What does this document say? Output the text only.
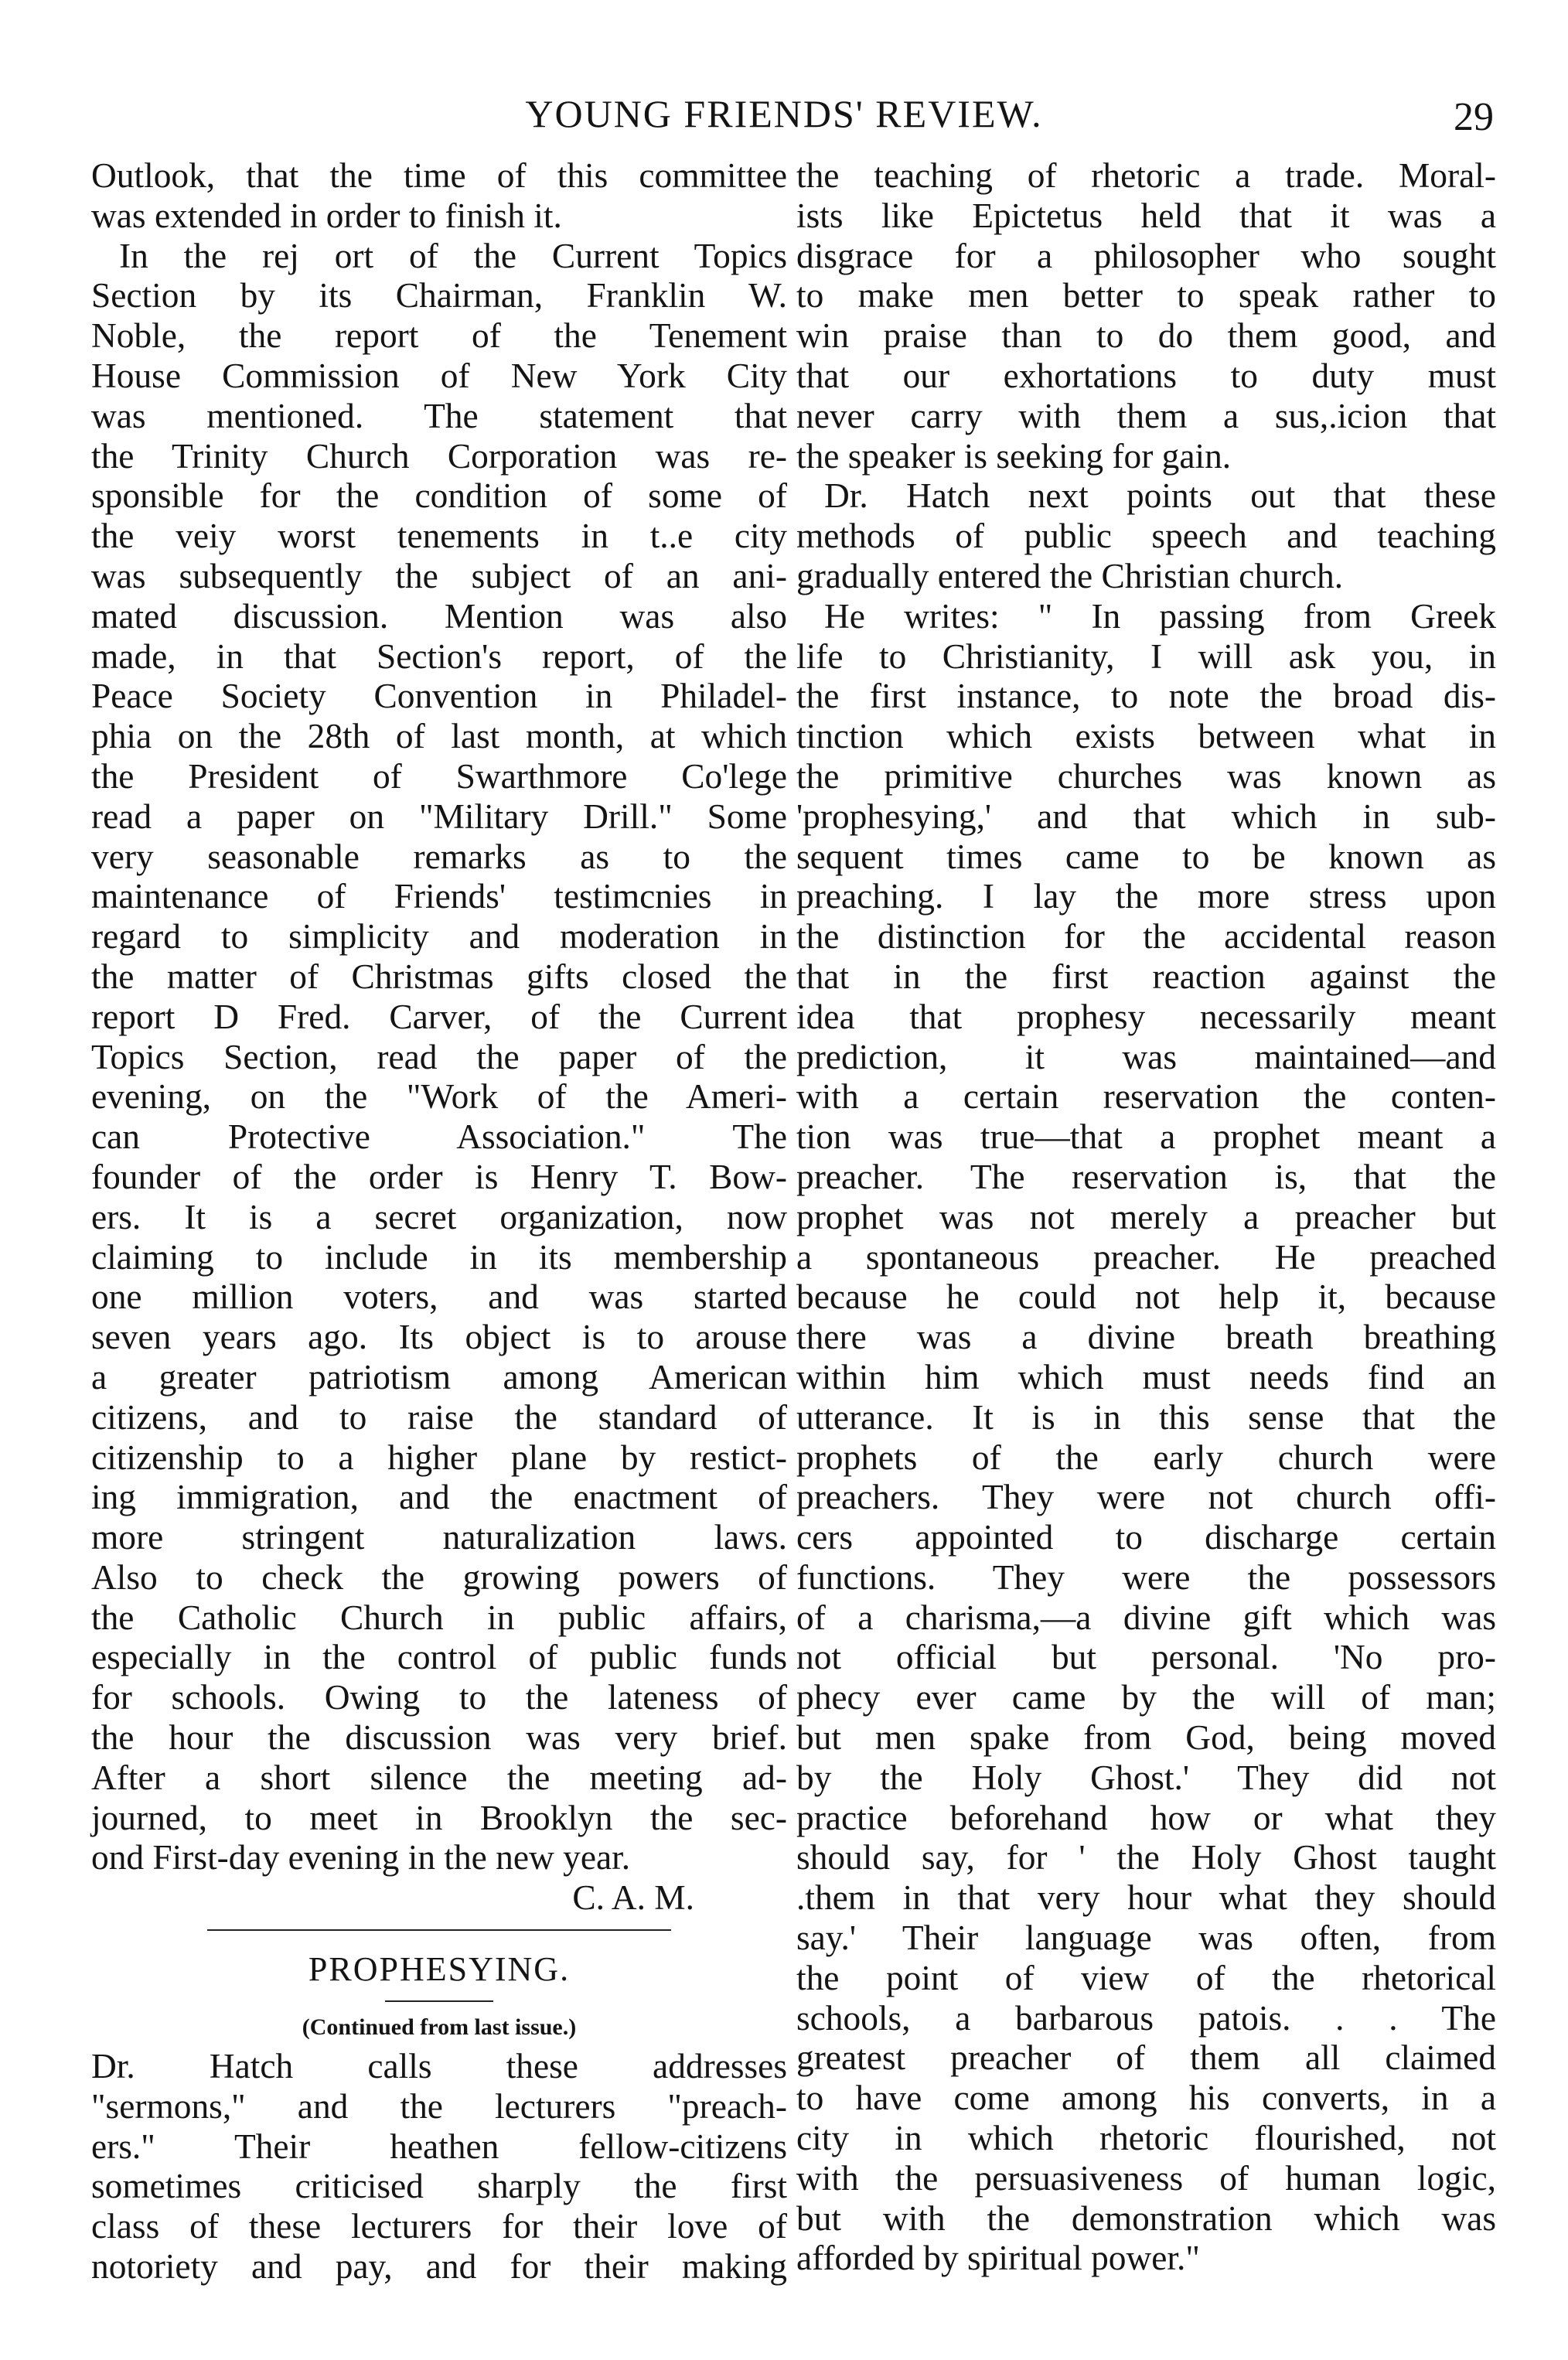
YOUNG FRIENDS' REVIEW.	29
Outlook, that the time of this committee
was extended in order to finish it.
In the rej ort of the Current Topics
Section by its Chairman, Franklin W.
Noble, the report of the Tenement
House Commission of New York City
was mentioned. The statement that
the Trinity Church Corporation was re-
sponsible for the condition of some of
the veiy worst tenements in t..e city
was subsequently the subject of an ani-
mated discussion. Mention was also
made, in that Section's report, of the
Peace Society Convention in Philadel-
phia on the 28th of last month, at which
the President of Swarthmore Co'lege
read a paper on "Military Drill." Some
very seasonable remarks as to the
maintenance of Friends' testimcnies in
regard to simplicity and moderation in
the matter of Christmas gifts closed the
report D Fred. Carver, of the Current
Topics Section, read the paper of the
evening, on the "Work of the Ameri-
can Protective Association." The
founder of the order is Henry T. Bow-
ers. It is a secret organization, now
claiming to include in its membership
one million voters, and was started
seven years ago. Its object is to arouse
a greater patriotism among American
citizens, and to raise the standard of
citizenship to a higher plane by restict-
ing immigration, and the enactment of
more stringent naturalization laws.
Also to check the growing powers of
the Catholic Church in public affairs,
especially in the control of public funds
for schools. Owing to the lateness of
the hour the discussion was very brief.
After a short silence the meeting ad-
journed, to meet in Brooklyn the sec-
ond First-day evening in the new year.
C. A. M.
PROPHESYING.
(Continued from last issue.)
Dr. Hatch calls these addresses
"sermons," and the lecturers "preach-
ers." Their heathen fellow-citizens
sometimes criticised sharply the first
class of these lecturers for their love of
notoriety and pay, and for their making
the teaching of rhetoric a trade. Moral-
ists like Epictetus held that it was a
disgrace for a philosopher who sought
to make men better to speak rather to
win praise than to do them good, and
that our exhortations to duty must
never carry with them a sus,.icion that
the speaker is seeking for gain.
Dr. Hatch next points out that these
methods of public speech and teaching
gradually entered the Christian church.
He writes: " In passing from Greek
life to Christianity, I will ask you, in
the first instance, to note the broad dis-
tinction which exists between what in
the primitive churches was known as
'prophesying,' and that which in sub-
sequent times came to be known as
preaching. I lay the more stress upon
the distinction for the accidental reason
that in the first reaction against the
idea that prophesy necessarily meant
prediction, it was maintained—and
with a certain reservation the conten-
tion was true—that a prophet meant a
preacher. The reservation is, that the
prophet was not merely a preacher but
a spontaneous preacher. He preached
because he could not help it, because
there was a divine breath breathing
within him which must needs find an
utterance. It is in this sense that the
prophets of the early church were
preachers. They were not church offi-
cers appointed to discharge certain
functions. They were the possessors
of a charisma,—a divine gift which was
not official but personal. 'No pro-
phecy ever came by the will of man;
but men spake from God, being moved
by the Holy Ghost.' They did not
practice beforehand how or what they
should say, for ' the Holy Ghost taught
.them in that very hour what they should
say.' Their language was often, from
the point of view of the rhetorical
schools, a barbarous patois. . . The
greatest preacher of them all claimed
to have come among his converts, in a
city in which rhetoric flourished, not
with the persuasiveness of human logic,
but with the demonstration which was
afforded by spiritual power."
